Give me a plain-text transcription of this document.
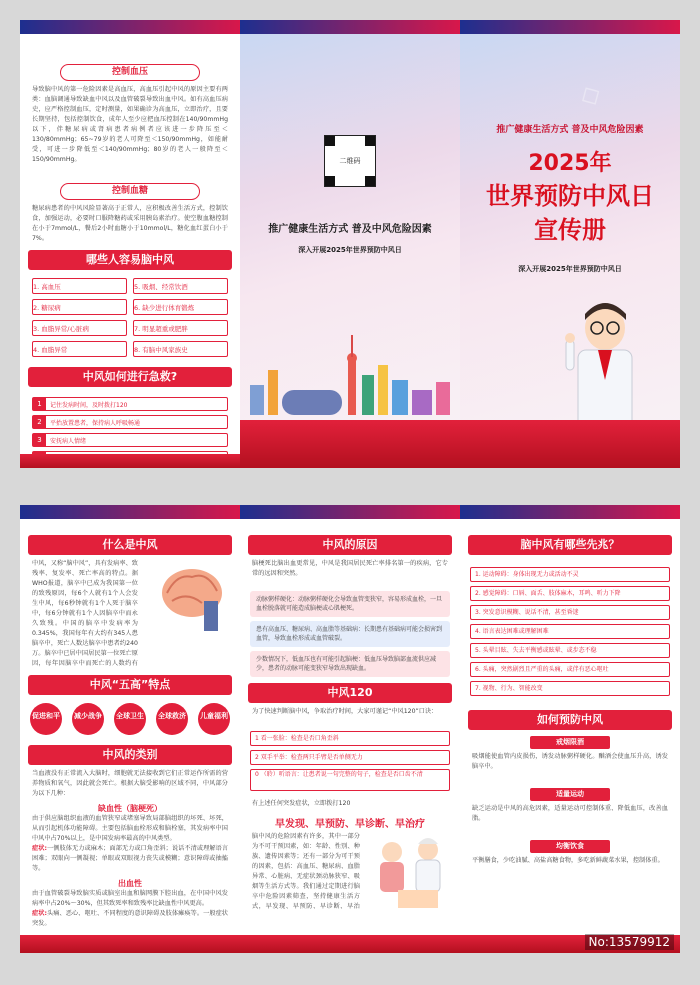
控制血压
导致脑中风的第一危险因素是高血压，高血压引起中风的原因主要有两类：血脑调通导致缺血中风以及血管破裂导致出血中风。如有高血压病史，应严格控制血压，定时测量，如果确诊为高血压，立即治疗，且要长期坚持，包括控制饮食，成年人至少应把血压控制在140/90mmHg以下，伴糖尿病或肾病患者病例者应该进一步降压至＜130/80mmHg；65~79岁的老人可降至＜150/90mmHg，如能耐受，可进一步降低至＜140/90mmHg；80岁的老人一般降至＜150/90mmHg。
控制血糖
糖尿病患者的中风风险显著高于正常人，应积极改善生活方式，控制饮食，加强运动，必要时口服降糖药或采用胰岛素治疗。使空腹血糖控制在小于7mmol/L，餐后2小时血糖小于10mmol/L，糖化血红蛋白小于7%。
哪些人容易脑中风
1. 高血压	5. 吸烟、经常饮酒
2. 糖尿病	6. 缺少进行体育锻炼
3. 血脂异常/心脏病	7. 明显超重或肥胖
4. 血脂异常	8. 有脑中风家族史
中风如何进行急救?
1	记住发病时间，及时拨打120
2	平抬放置患者，保持病人呼吸畅通
3	安抚病人情绪
二维码
推广健康生活方式 普及中风危险因素
深入开展2025年世界预防中风日
推广健康生活方式 普及中风危险因素
2025年
世界预防中风日
宣传册
深入开展2025年世界预防中风日
◇
什么是中风
中风，又称“脑中风”，具有发病率、致残率、复发率、死亡率高的特点。据WHO报道，脑卒中已成为我国第一位的致残原因，每6个人就有1个人会发生中风，每6秒钟就有1个人死于脑卒中，每6分钟就有1个人因脑卒中而永久致残。中国的脑卒中发病率为0.345%，我国每年有大约有345人患脑卒中，死亡人数达脑卒中患者约240万。脑卒中已居中国居民第一位死亡原因，每年因脑卒中而死亡的人数约有
中风“五高”特点
促进和平 减少战争 全球卫生 全球救济 儿童福利
中风的类别
当血液没有正常流入大脑时，细胞就无法接收到它们正常运作所需的营养物质和氧气，因此就会死亡。根据大脑受影响的区域不同，中风部分为以下几种：
缺血性（脑梗死）
由于供应脑组织血液的血管狭窄或堵塞导致局部脑组织的坏死、坏死，从而引起机体功能障碍。主要包括脑血栓形成和脑栓塞，其发病率中国中风中占70%以上，是中国发病率最高的中风类型。
症状:一侧肢体无力或麻木；面部无力或口角歪斜；说话不清或理解语言困难；双眼向一侧凝视；单眼或双眼视力丧失或模糊；意识障碍或抽搐等。
出血性
由于血管破裂导致脑实质或脑室出血和脑网膜下腔出血，在中国中风发病率中占20%～30%，但其致死率和致残率比缺血性中风更高。
症状:头痛、恶心、呕吐、不同程度的意识障碍及肢体瘫痪等。一般症状突发。
中风的原因
脑梗死比脑出血更常见，中风是我国居民死亡率排名第一的疾病，它专常的远因和突然。
动脉粥样硬化：动脉粥样硬化会导致血管变狭窄，容易形成血栓，一旦血栓脱落就可能造成脑梗或心肌梗死。
患有高血压、糖尿病、高血脂等基础病：长期患有基础病可能会损害到血管，导致血栓形成或血管破裂。
少数情况下，低血压也有可能引起脑梗：低血压导致脑部血流供应减少，患者的动脉可能变狭窄导致出现缺血。
中风120
为了快速判断脑中风，争取治疗时间，大家可谨记“中风120”口诀：
1 看一张脸：检查是否口角歪斜
2 双手平举：检查两只手臂是否单侧无力
0 （聆）听语言：让患者说一句完整的句子，检查是否口齿不清
有上述任何突发症状，立即拨打120
早发现、早预防、早诊断、早治疗
脑中风的危险因素有许多，其中一部分为不可干预因素，如：年龄、性别、种族、遗传因素等；还有一部分为可干预的因素，包括：高血压、糖尿病、血脂异常、心脏病、无症状颈动脉狭窄、吸烟等生活方式等。我们通过定期进行脑卒中危险因素筛查，坚持健康生活方式，早发现、早预防、早诊断、早治
脑中风有哪些先兆？
1. 运动障碍：身体出现无力或活动不灵
2. 感觉障碍：口唇、面舌、肢体麻木，耳鸣、听力下降
3. 突发意识模糊、说话不清，甚至昏迷
4. 语言表达困难或理解困难
5. 头晕目眩、失去平衡感或眩晕、或步态不稳
6. 头痛，突然剧烈且严重的头痛，或伴有恶心呕吐
7. 视物、行为、智能改变
如何预防中风
戒烟限酒
吸烟能使血管内皮损伤，诱发动脉粥样硬化。酗酒会使血压升高，诱发脑卒中。
适量运动
缺乏运动是中风的高危因素，适量运动可控制体重、降低血压，改善血脂。
均衡饮食
平衡膳食，少吃油腻、高盐高糖食物，多吃新鲜蔬菜水果，控制体重。
No:13579912
